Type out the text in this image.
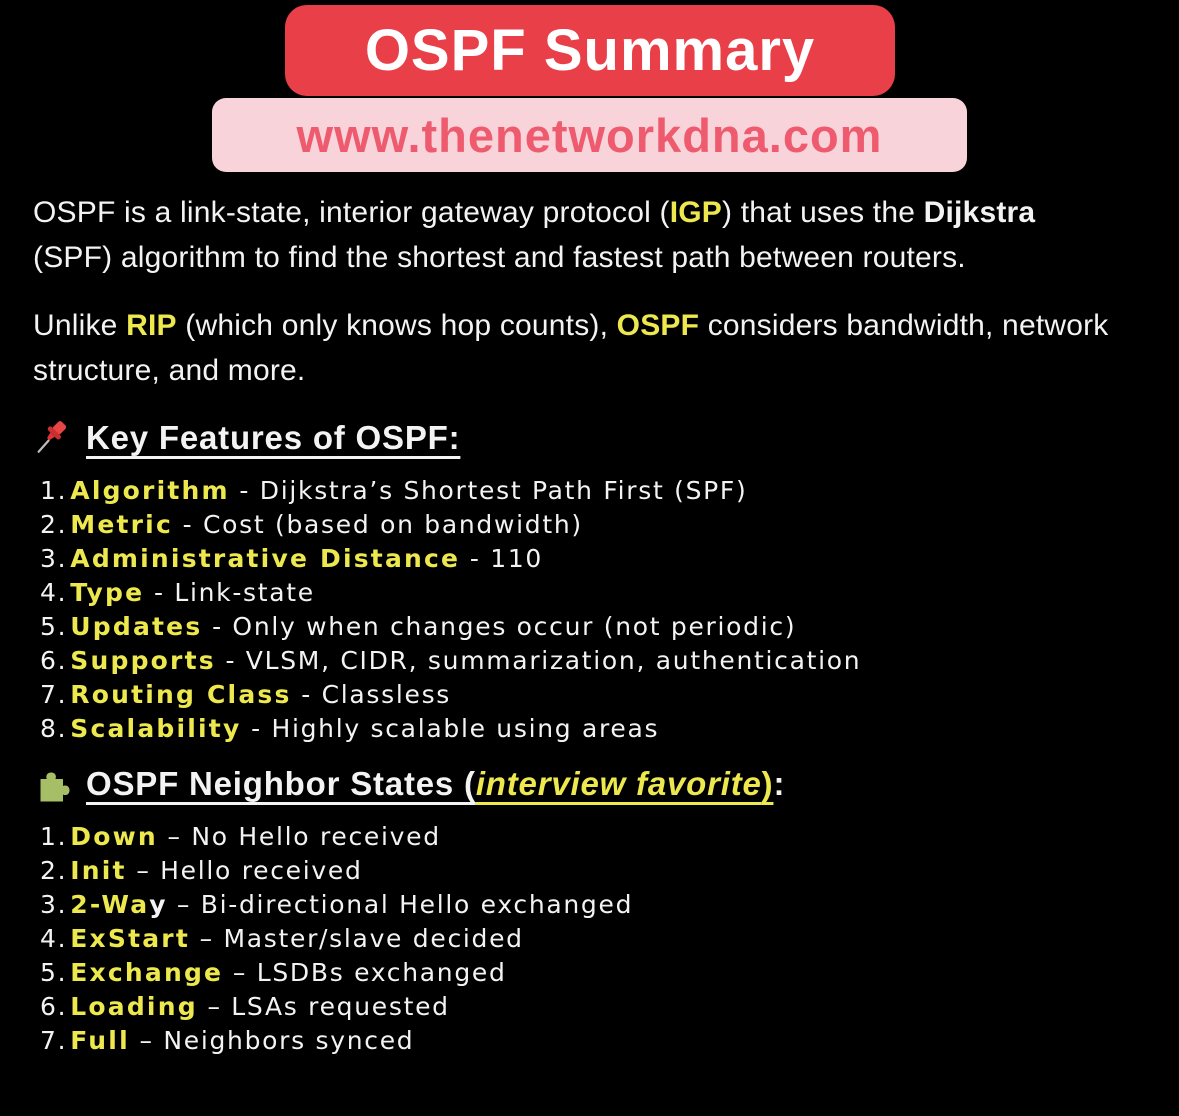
OSPF Summary
www.thenetworkdna.com

OSPF is a link-state, interior gateway protocol (IGP) that uses the Dijkstra (SPF) algorithm to find the shortest and fastest path between routers.

Unlike RIP (which only knows hop counts), OSPF considers bandwidth, network structure, and more.

Key Features of OSPF:
1. Algorithm - Dijkstra’s Shortest Path First (SPF)
2. Metric - Cost (based on bandwidth)
3. Administrative Distance - 110
4. Type - Link-state
5. Updates - Only when changes occur (not periodic)
6. Supports - VLSM, CIDR, summarization, authentication
7. Routing Class - Classless
8. Scalability - Highly scalable using areas
OSPF Neighbor States (interview favorite):
1. Down – No Hello received
2. Init – Hello received
3. 2-Way – Bi-directional Hello exchanged
4. ExStart – Master/slave decided
5. Exchange – LSDBs exchanged
6. Loading – LSAs requested
7. Full – Neighbors synced
